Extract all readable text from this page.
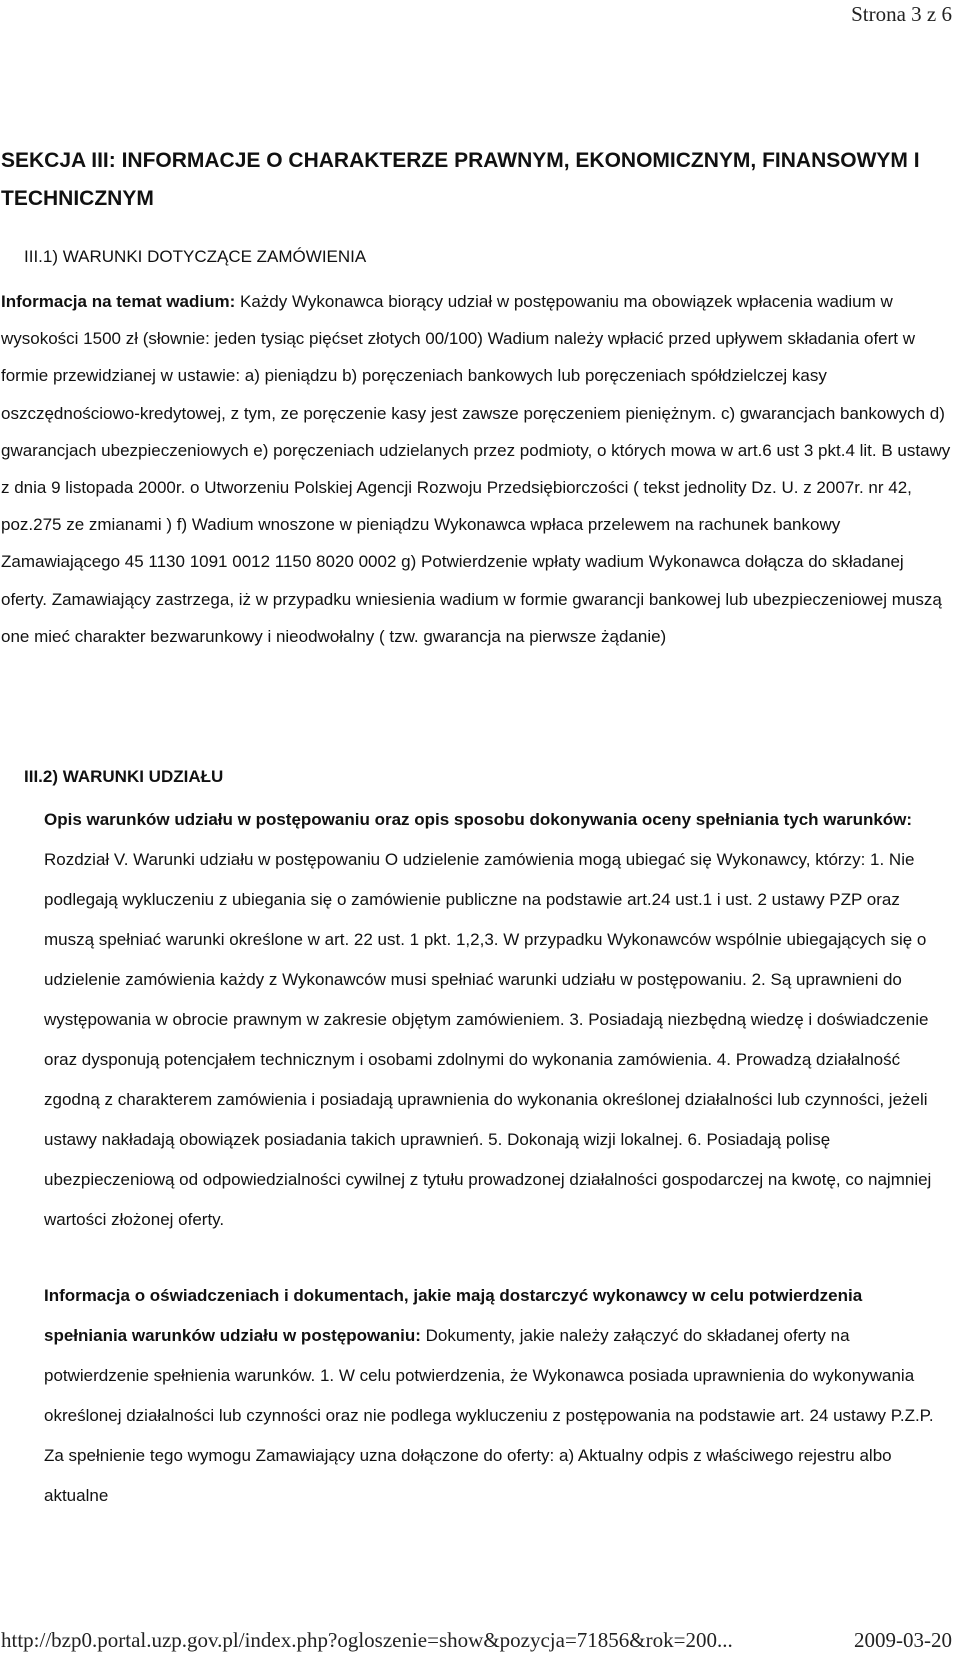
Strona 3 z 6
SEKCJA III: INFORMACJE O CHARAKTERZE PRAWNYM, EKONOMICZNYM, FINANSOWYM I TECHNICZNYM
III.1) WARUNKI DOTYCZĄCE ZAMÓWIENIA

Informacja na temat wadium: Każdy Wykonawca biorący udział w postępowaniu ma obowiązek wpłacenia wadium w wysokości 1500 zł (słownie: jeden tysiąc pięćset złotych 00/100) Wadium należy wpłacić przed upływem składania ofert w formie przewidzianej w ustawie: a) pieniądzu b) poręczeniach bankowych lub poręczeniach spółdzielczej kasy oszczędnościowo-kredytowej, z tym, ze poręczenie kasy jest zawsze poręczeniem pieniężnym. c) gwarancjach bankowych d) gwarancjach ubezpieczeniowych e) poręczeniach udzielanych przez podmioty, o których mowa w art.6 ust 3 pkt.4 lit. B ustawy z dnia 9 listopada 2000r. o Utworzeniu Polskiej Agencji Rozwoju Przedsiębiorczości ( tekst jednolity Dz. U. z 2007r. nr 42, poz.275 ze zmianami ) f) Wadium wnoszone w pieniądzu Wykonawca wpłaca przelewem na rachunek bankowy Zamawiającego 45 1130 1091 0012 1150 8020 0002 g) Potwierdzenie wpłaty wadium Wykonawca dołącza do składanej oferty. Zamawiający zastrzega, iż w przypadku wniesienia wadium w formie gwarancji bankowej lub ubezpieczeniowej muszą one mieć charakter bezwarunkowy i nieodwołalny ( tzw. gwarancja na pierwsze żądanie)

III.2) WARUNKI UDZIAŁU

Opis warunków udziału w postępowaniu oraz opis sposobu dokonywania oceny spełniania tych warunków: Rozdział V. Warunki udziału w postępowaniu O udzielenie zamówienia mogą ubiegać się Wykonawcy, którzy: 1. Nie podlegają wykluczeniu z ubiegania się o zamówienie publiczne na podstawie art.24 ust.1 i ust. 2 ustawy PZP oraz muszą spełniać warunki określone w art. 22 ust. 1 pkt. 1,2,3. W przypadku Wykonawców wspólnie ubiegających się o udzielenie zamówienia każdy z Wykonawców musi spełniać warunki udziału w postępowaniu. 2. Są uprawnieni do występowania w obrocie prawnym w zakresie objętym zamówieniem. 3. Posiadają niezbędną wiedzę i doświadczenie oraz dysponują potencjałem technicznym i osobami zdolnymi do wykonania zamówienia. 4. Prowadzą działalność zgodną z charakterem zamówienia i posiadają uprawnienia do wykonania określonej działalności lub czynności, jeżeli ustawy nakładają obowiązek posiadania takich uprawnień. 5. Dokonają wizji lokalnej. 6. Posiadają polisę ubezpieczeniową od odpowiedzialności cywilnej z tytułu prowadzonej działalności gospodarczej na kwotę, co najmniej wartości złożonej oferty.

Informacja o oświadczeniach i dokumentach, jakie mają dostarczyć wykonawcy w celu potwierdzenia spełniania warunków udziału w postępowaniu: Dokumenty, jakie należy załączyć do składanej oferty na potwierdzenie spełnienia warunków. 1. W celu potwierdzenia, że Wykonawca posiada uprawnienia do wykonywania określonej działalności lub czynności oraz nie podlega wykluczeniu z postępowania na podstawie art. 24 ustawy P.Z.P. Za spełnienie tego wymogu Zamawiający uzna dołączone do oferty: a) Aktualny odpis z właściwego rejestru albo aktualne

http://bzp0.portal.uzp.gov.pl/index.php?ogloszenie=show&pozycja=71856&rok=200...	2009-03-20
